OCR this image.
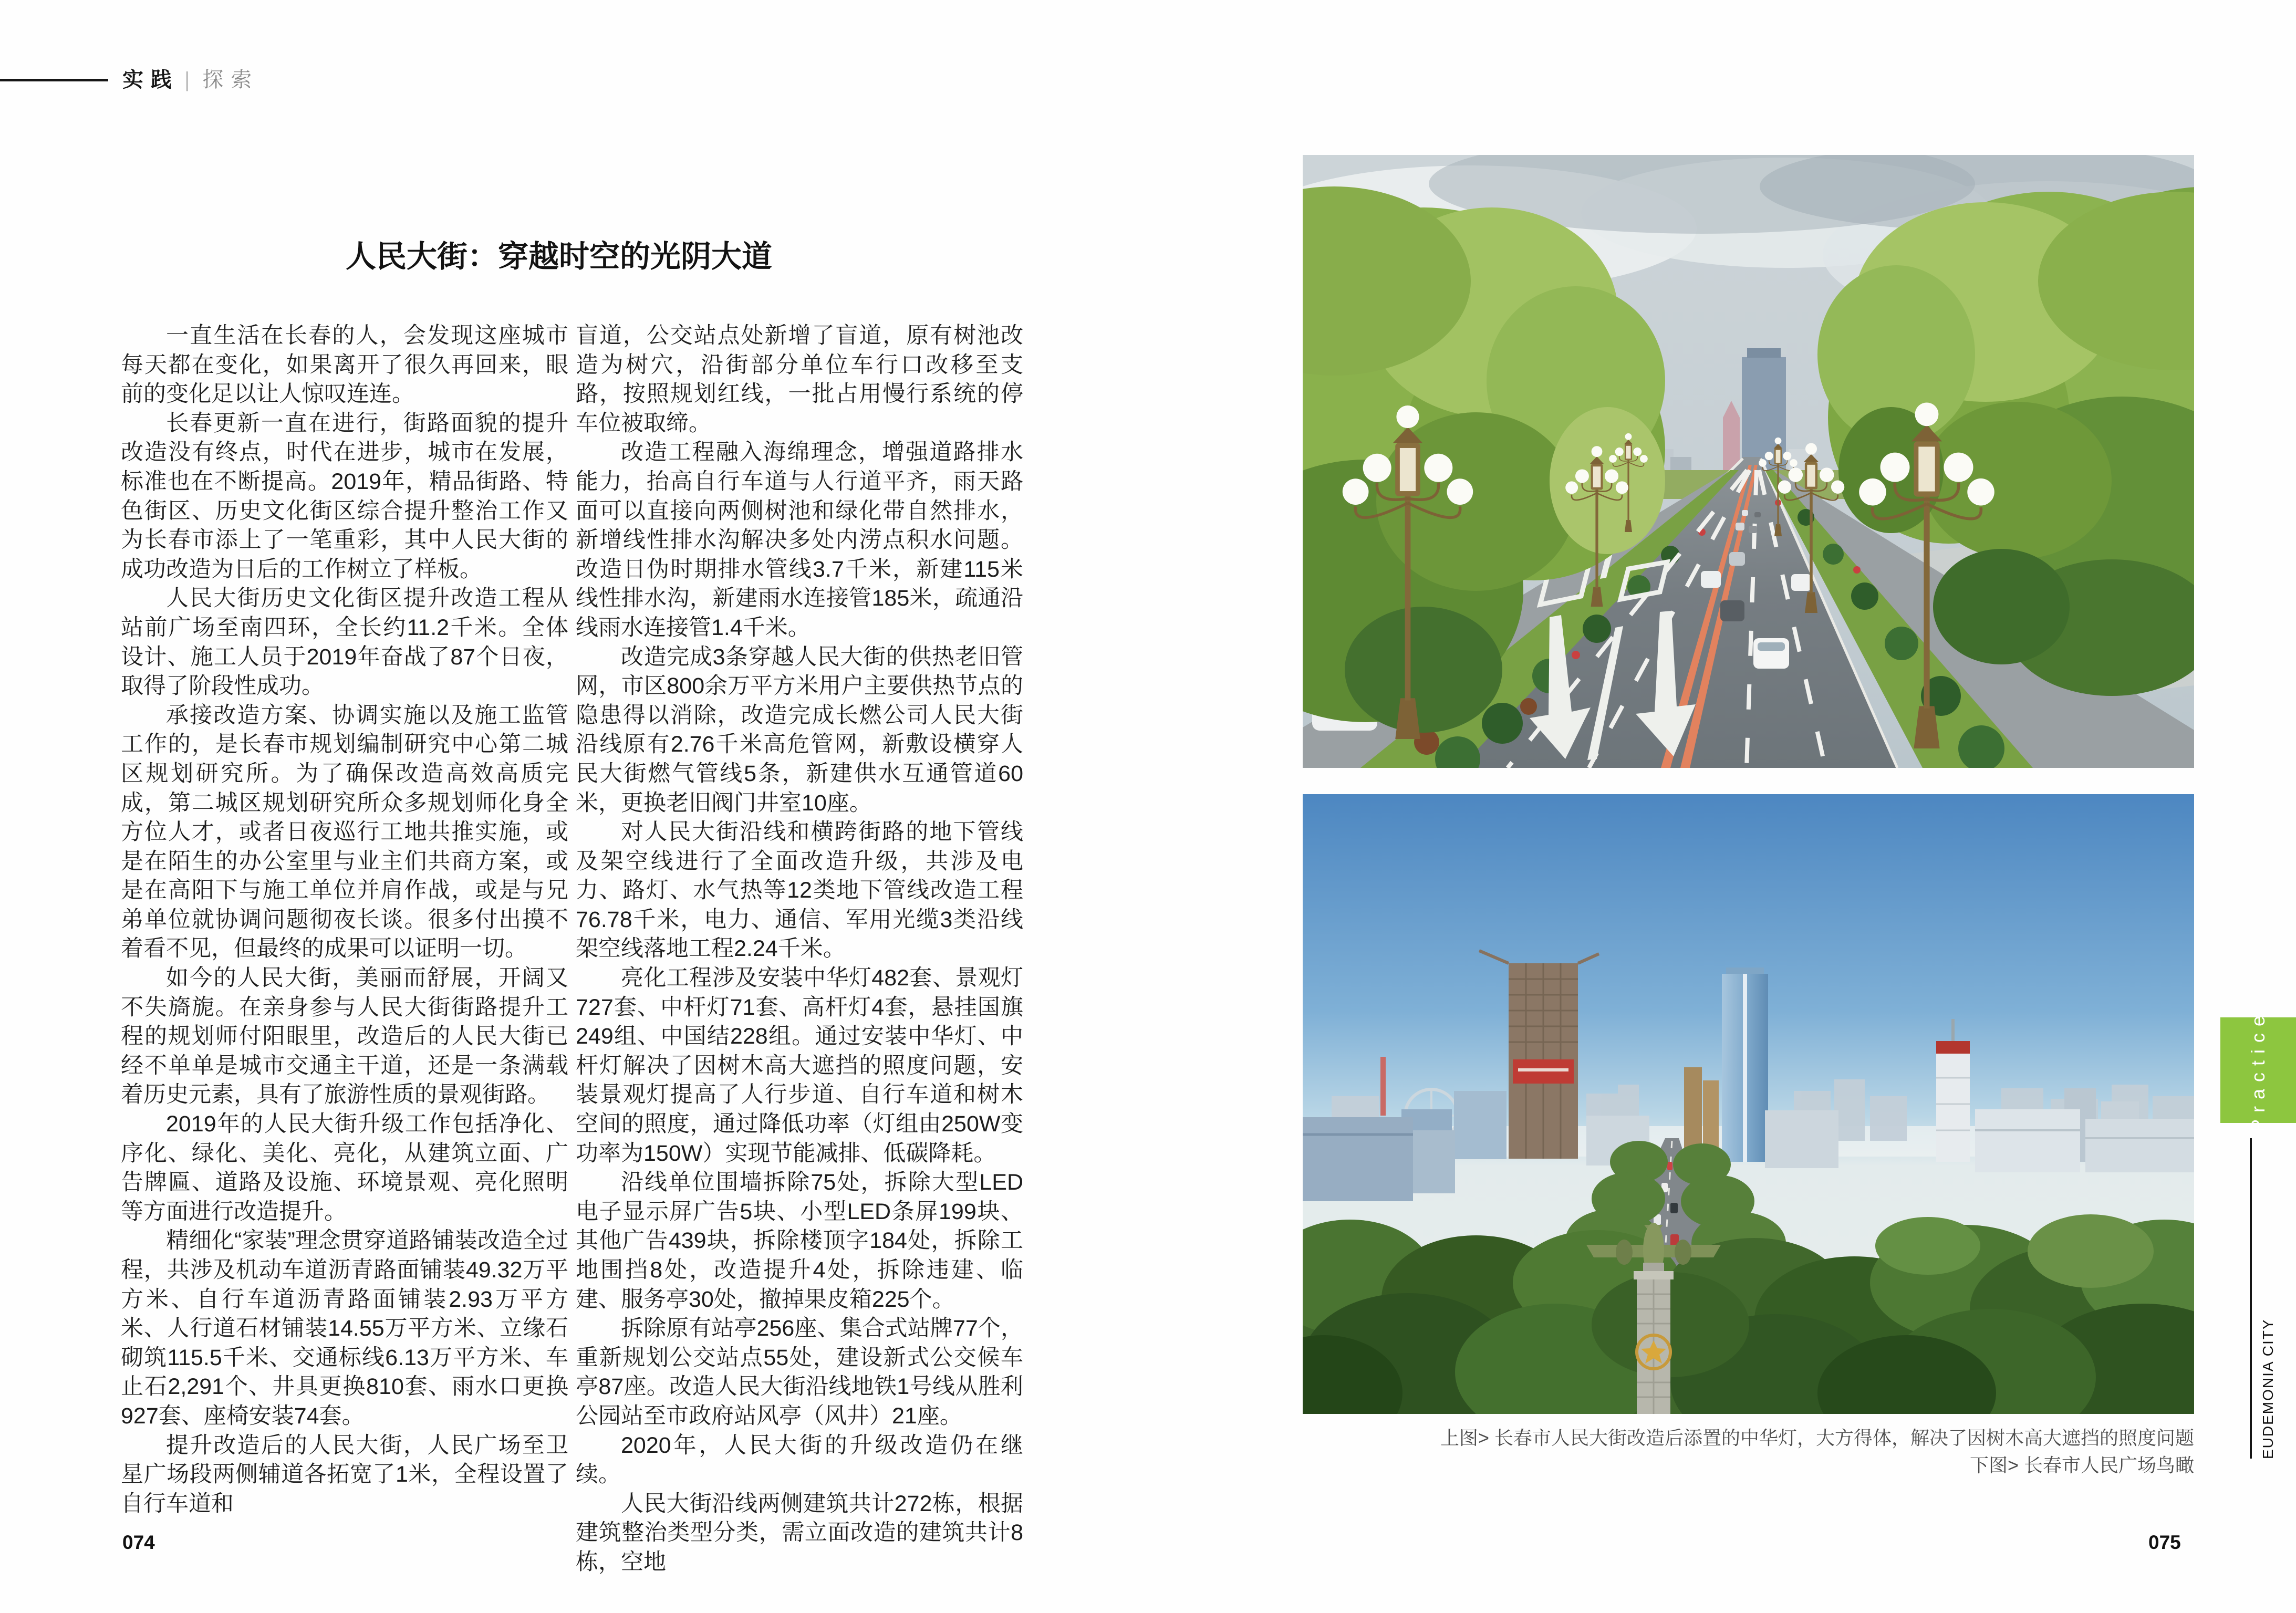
实践 | 探索
人民大街：穿越时空的光阴大道

一直生活在长春的人，会发现这座城市每天都在变化，如果离开了很久再回来，眼前的变化足以让人惊叹连连。

长春更新一直在进行，街路面貌的提升改造没有终点，时代在进步，城市在发展，标准也在不断提高。2019年，精品街路、特色街区、历史文化街区综合提升整治工作又为长春市添上了一笔重彩，其中人民大街的成功改造为日后的工作树立了样板。

人民大街历史文化街区提升改造工程从站前广场至南四环，全长约11.2千米。全体设计、施工人员于2019年奋战了87个日夜，取得了阶段性成功。

承接改造方案、协调实施以及施工监管工作的，是长春市规划编制研究中心第二城区规划研究所。为了确保改造高效高质完成，第二城区规划研究所众多规划师化身全方位人才，或者日夜巡行工地共推实施，或是在陌生的办公室里与业主们共商方案，或是在高阳下与施工单位并肩作战，或是与兄弟单位就协调问题彻夜长谈。很多付出摸不着看不见，但最终的成果可以证明一切。

如今的人民大街，美丽而舒展，开阔又不失旖旎。在亲身参与人民大街街路提升工程的规划师付阳眼里，改造后的人民大街已经不单单是城市交通主干道，还是一条满载着历史元素，具有了旅游性质的景观街路。

2019年的人民大街升级工作包括净化、序化、绿化、美化、亮化，从建筑立面、广告牌匾、道路及设施、环境景观、亮化照明等方面进行改造提升。

精细化“家装”理念贯穿道路铺装改造全过程，共涉及机动车道沥青路面铺装49.32万平方米、自行车道沥青路面铺装2.93万平方米、人行道石材铺装14.55万平方米、立缘石砌筑115.5千米、交通标线6.13万平方米、车止石2,291个、井具更换810套、雨水口更换927套、座椅安装74套。

提升改造后的人民大街，人民广场至卫星广场段两侧辅道各拓宽了1米，全程设置了自行车道和

盲道，公交站点处新增了盲道，原有树池改造为树穴，沿街部分单位车行口改移至支路，按照规划红线，一批占用慢行系统的停车位被取缔。

改造工程融入海绵理念，增强道路排水能力，抬高自行车道与人行道平齐，雨天路面可以直接向两侧树池和绿化带自然排水，新增线性排水沟解决多处内涝点积水问题。改造日伪时期排水管线3.7千米，新建115米线性排水沟，新建雨水连接管185米，疏通沿线雨水连接管1.4千米。

改造完成3条穿越人民大街的供热老旧管网，市区800余万平方米用户主要供热节点的隐患得以消除，改造完成长燃公司人民大街沿线原有2.76千米高危管网，新敷设横穿人民大街燃气管线5条，新建供水互通管道60米，更换老旧阀门井室10座。

对人民大街沿线和横跨街路的地下管线及架空线进行了全面改造升级，共涉及电力、路灯、水气热等12类地下管线改造工程76.78千米，电力、通信、军用光缆3类沿线架空线落地工程2.24千米。

亮化工程涉及安装中华灯482套、景观灯727套、中杆灯71套、高杆灯4套，悬挂国旗249组、中国结228组。通过安装中华灯、中杆灯解决了因树木高大遮挡的照度问题，安装景观灯提高了人行步道、自行车道和树木空间的照度，通过降低功率（灯组由250W变功率为150W）实现节能减排、低碳降耗。

沿线单位围墙拆除75处，拆除大型LED电子显示屏广告5块、小型LED条屏199块、其他广告439块，拆除楼顶字184处，拆除工地围挡8处，改造提升4处，拆除违建、临建、服务亭30处，撤掉果皮箱225个。

拆除原有站亭256座、集合式站牌77个，重新规划公交站点55处，建设新式公交候车亭87座。改造人民大街沿线地铁1号线从胜利公园站至市政府站风亭（风井）21座。

2020年，人民大街的升级改造仍在继续。

人民大街沿线两侧建筑共计272栋，根据建筑整治类型分类，需立面改造的建筑共计8栋，空地

上图> 长春市人民大街改造后添置的中华灯，大方得体，解决了因树木高大遮挡的照度问题
下图> 长春市人民广场鸟瞰
Practice
EUDEMONIA CITY
074	075
